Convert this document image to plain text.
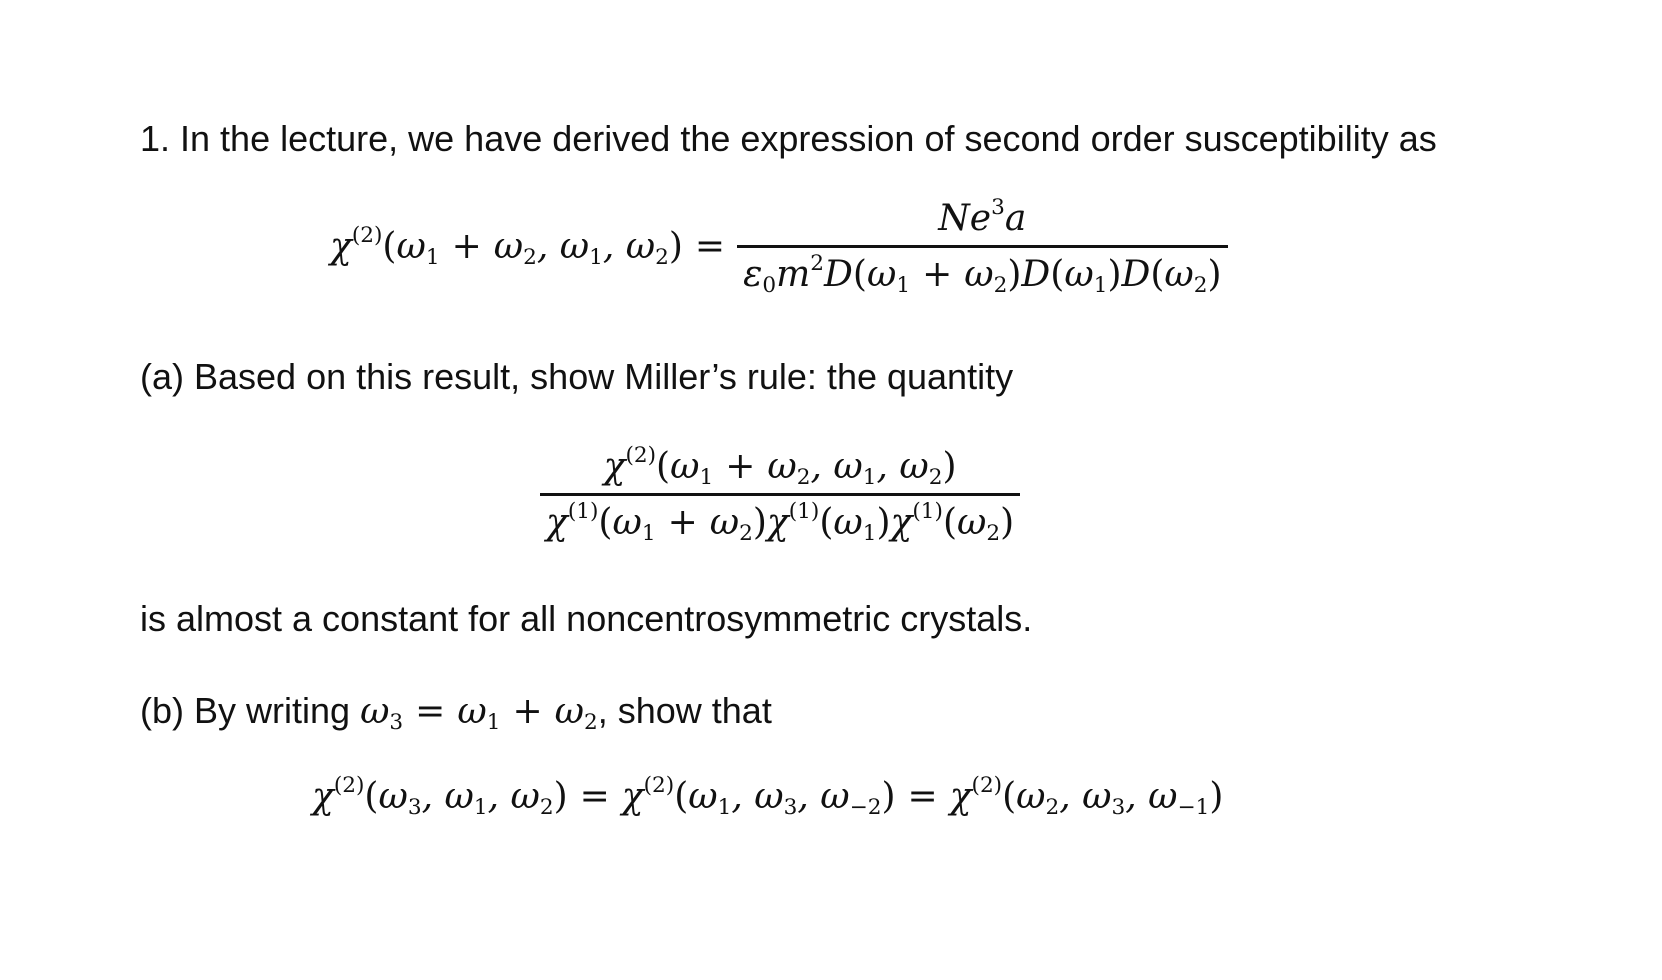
1. In the lecture, we have derived the expression of second order susceptibility as
$\chi^{(2)}(\omega_1 + \omega_2$, $\omega_1$, $\omega_2) = \frac{Ne^3a}{\varepsilon_0m^2D(\omega_1 + \omega_2)D(\omega_1)D(\omega_2)}$
(a) Based on this result, show Miller’s rule: the quantity
$\frac{\chi^{(2)}(\omega_1 + \omega_2, \omega_1, \omega_2)}{\chi^{(1)}(\omega_1 + \omega_2)\chi^{(1)}(\omega_1)\chi^{(1)}(\omega_2)}$
is almost a constant for all noncentrosymmetric crystals.
(b) By writing $\omega_3 = \omega_1 + \omega_2$, show that
$\chi^{(2)}(\omega_3$, $\omega_1$, $\omega_2) = \chi^{(2)}(\omega_1$, $\omega_3$, $\omega_{-2}) = \chi^{(2)}(\omega_2$, $\omega_3$, $\omega_{-1}$)
